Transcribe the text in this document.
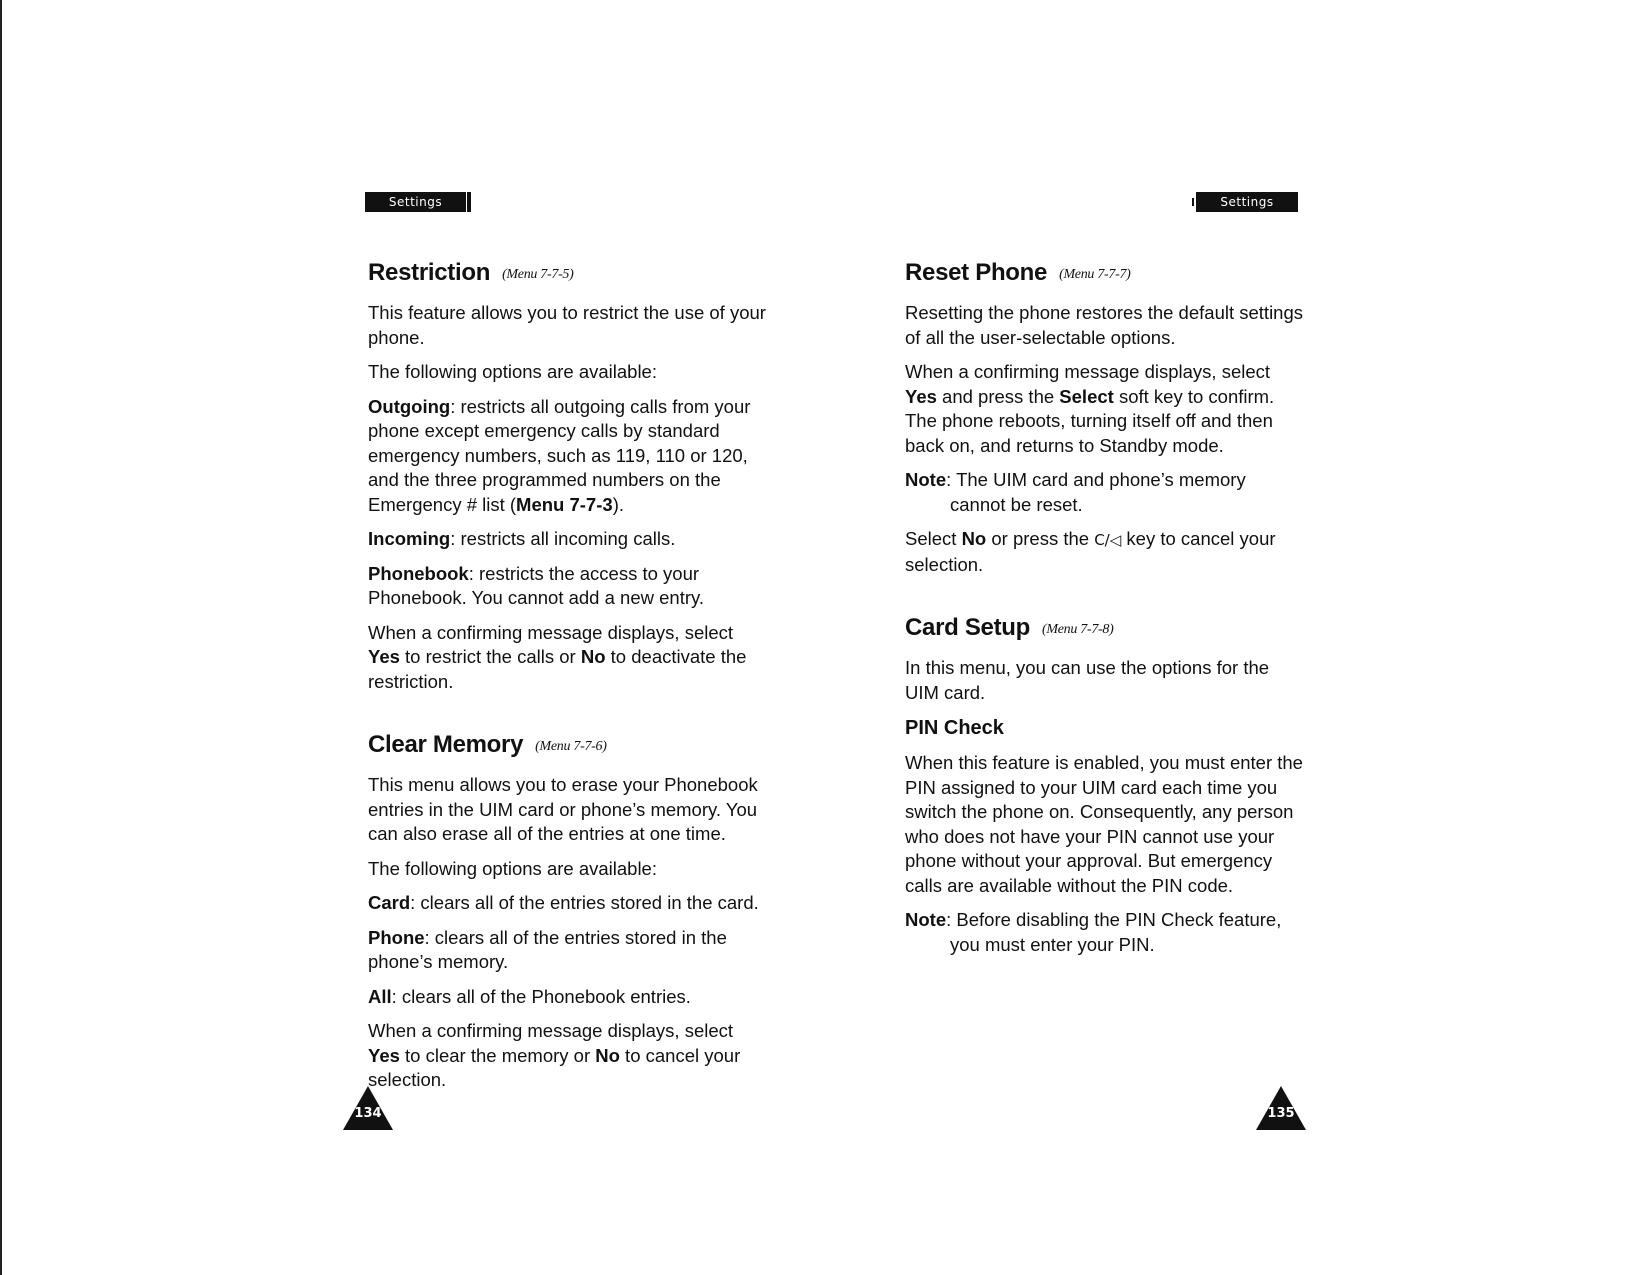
Settings
Restriction (Menu 7-7-5)

This feature allows you to restrict the use of your phone.

The following options are available:

Outgoing: restricts all outgoing calls from your phone except emergency calls by standard emergency numbers, such as 119, 110 or 120, and the three programmed numbers on the Emergency # list (Menu 7-7-3).

Incoming: restricts all incoming calls.

Phonebook: restricts the access to your Phonebook. You cannot add a new entry.

When a confirming message displays, select Yes to restrict the calls or No to deactivate the restriction.

Clear Memory (Menu 7-7-6)

This menu allows you to erase your Phonebook entries in the UIM card or phone’s memory. You can also erase all of the entries at one time.

The following options are available:

Card: clears all of the entries stored in the card.

Phone: clears all of the entries stored in the phone’s memory.

All: clears all of the Phonebook entries.

When a confirming message displays, select Yes to clear the memory or No to cancel your selection.

134
Settings
Reset Phone (Menu 7-7-7)

Resetting the phone restores the default settings of all the user-selectable options.

When a confirming message displays, select Yes and press the Select soft key to confirm. The phone reboots, turning itself off and then back on, and returns to Standby mode.

Note: The UIM card and phone’s memory cannot be reset.

Select No or press the C/◁ key to cancel your selection.

Card Setup (Menu 7-7-8)

In this menu, you can use the options for the UIM card.

PIN Check

When this feature is enabled, you must enter the PIN assigned to your UIM card each time you switch the phone on. Consequently, any person who does not have your PIN cannot use your phone without your approval. But emergency calls are available without the PIN code.

Note: Before disabling the PIN Check feature, you must enter your PIN.

135
